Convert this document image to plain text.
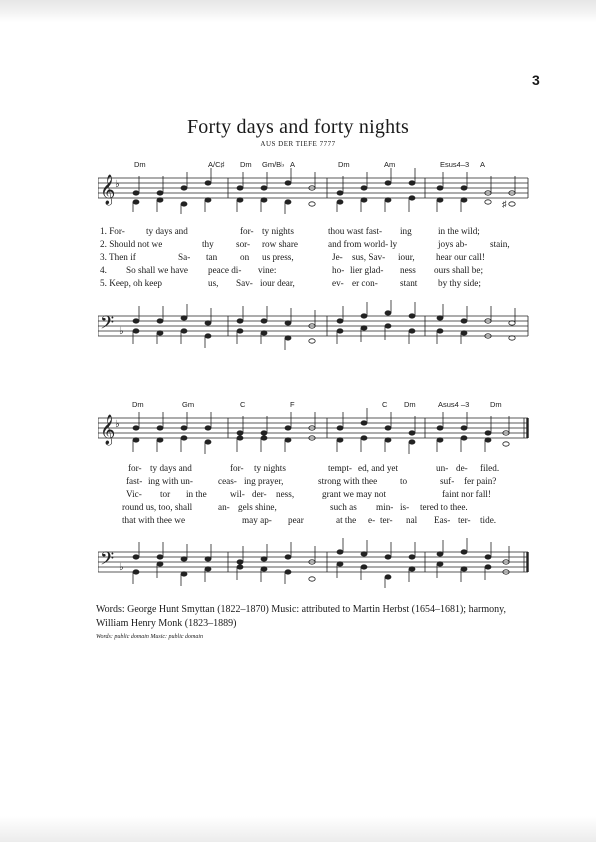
3
Forty days and forty nights
AUS DER TIEFE 7777
Dm	A/C♯ Dm Gm/B♭ A	Dm	Am	Esus4–3 A
𝄞 ♭
♯
1. For- ty days and	for- ty nights	thou wast fast- ing	in the wild;
2. Should not we	thy sor- row share	and from world- ly	joys ab- stain,
3. Then if	Sa- tan on us press,	Je- sus, Sav- iour, hear our call!
4. So shall we have peace di- vine:	ho- lier glad- ness ours shall be;
5. Keep, oh keep	us, Sav- iour dear,	ev- er con- stant by thy side;
𝄢 ♭
Dm	Gm	C	F	C Dm	Asus4 –3	Dm
𝄞 ♭
for- ty days and	for- ty nights	tempt- ed, and yet	un- de- filed.
fast- ing with un-	ceas- ing prayer,	strong with thee to	suf- fer pain?
Vic- tor in the	wil- der- ness,	grant we may not	faint nor fall!
round us, too, shall	an- gels shine,	such as min- is- tered to thee.
that with thee we	may ap- pear	at the e- ter- nal Eas- ter- tide.
𝄢 ♭
Words: George Hunt Smyttan (1822–1870) Music: attributed to Martin Herbst (1654–1681); harmony, William Henry Monk (1823–1889)
Words: public domain Music: public domain
